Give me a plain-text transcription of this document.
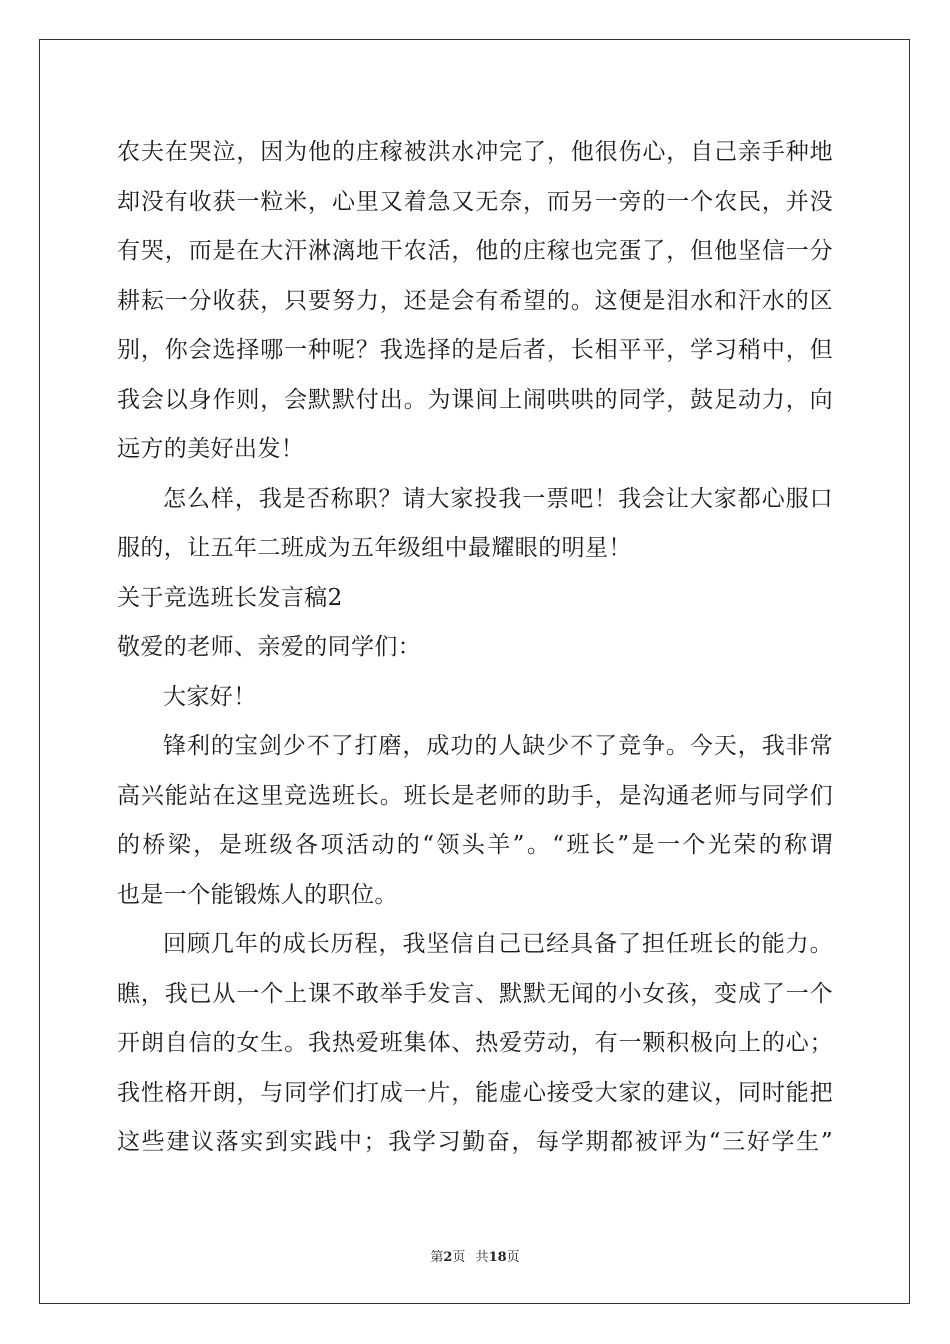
农夫在哭泣，因为他的庄稼被洪水冲完了，他很伤心，自己亲手种地
却没有收获一粒米，心里又着急又无奈，而另一旁的一个农民，并没
有哭，而是在大汗淋漓地干农活，他的庄稼也完蛋了，但他坚信一分
耕耘一分收获，只要努力，还是会有希望的。这便是泪水和汗水的区
别，你会选择哪一种呢？我选择的是后者，长相平平，学习稍中，但
我会以身作则，会默默付出。为课间上闹哄哄的同学，鼓足动力，向
远方的美好出发！
怎么样，我是否称职？请大家投我一票吧！我会让大家都心服口
服的，让五年二班成为五年级组中最耀眼的明星！
关于竞选班长发言稿2
敬爱的老师、亲爱的同学们：
大家好！
锋利的宝剑少不了打磨，成功的人缺少不了竞争。今天，我非常
高兴能站在这里竞选班长。班长是老师的助手，是沟通老师与同学们
的桥梁，是班级各项活动的“领头羊”。“班长”是一个光荣的称谓
也是一个能锻炼人的职位。
回顾几年的成长历程，我坚信自己已经具备了担任班长的能力。
瞧，我已从一个上课不敢举手发言、默默无闻的小女孩，变成了一个
开朗自信的女生。我热爱班集体、热爱劳动，有一颗积极向上的心；
我性格开朗，与同学们打成一片，能虚心接受大家的建议，同时能把
这些建议落实到实践中；我学习勤奋，每学期都被评为“三好学生”
第2页 共18页
